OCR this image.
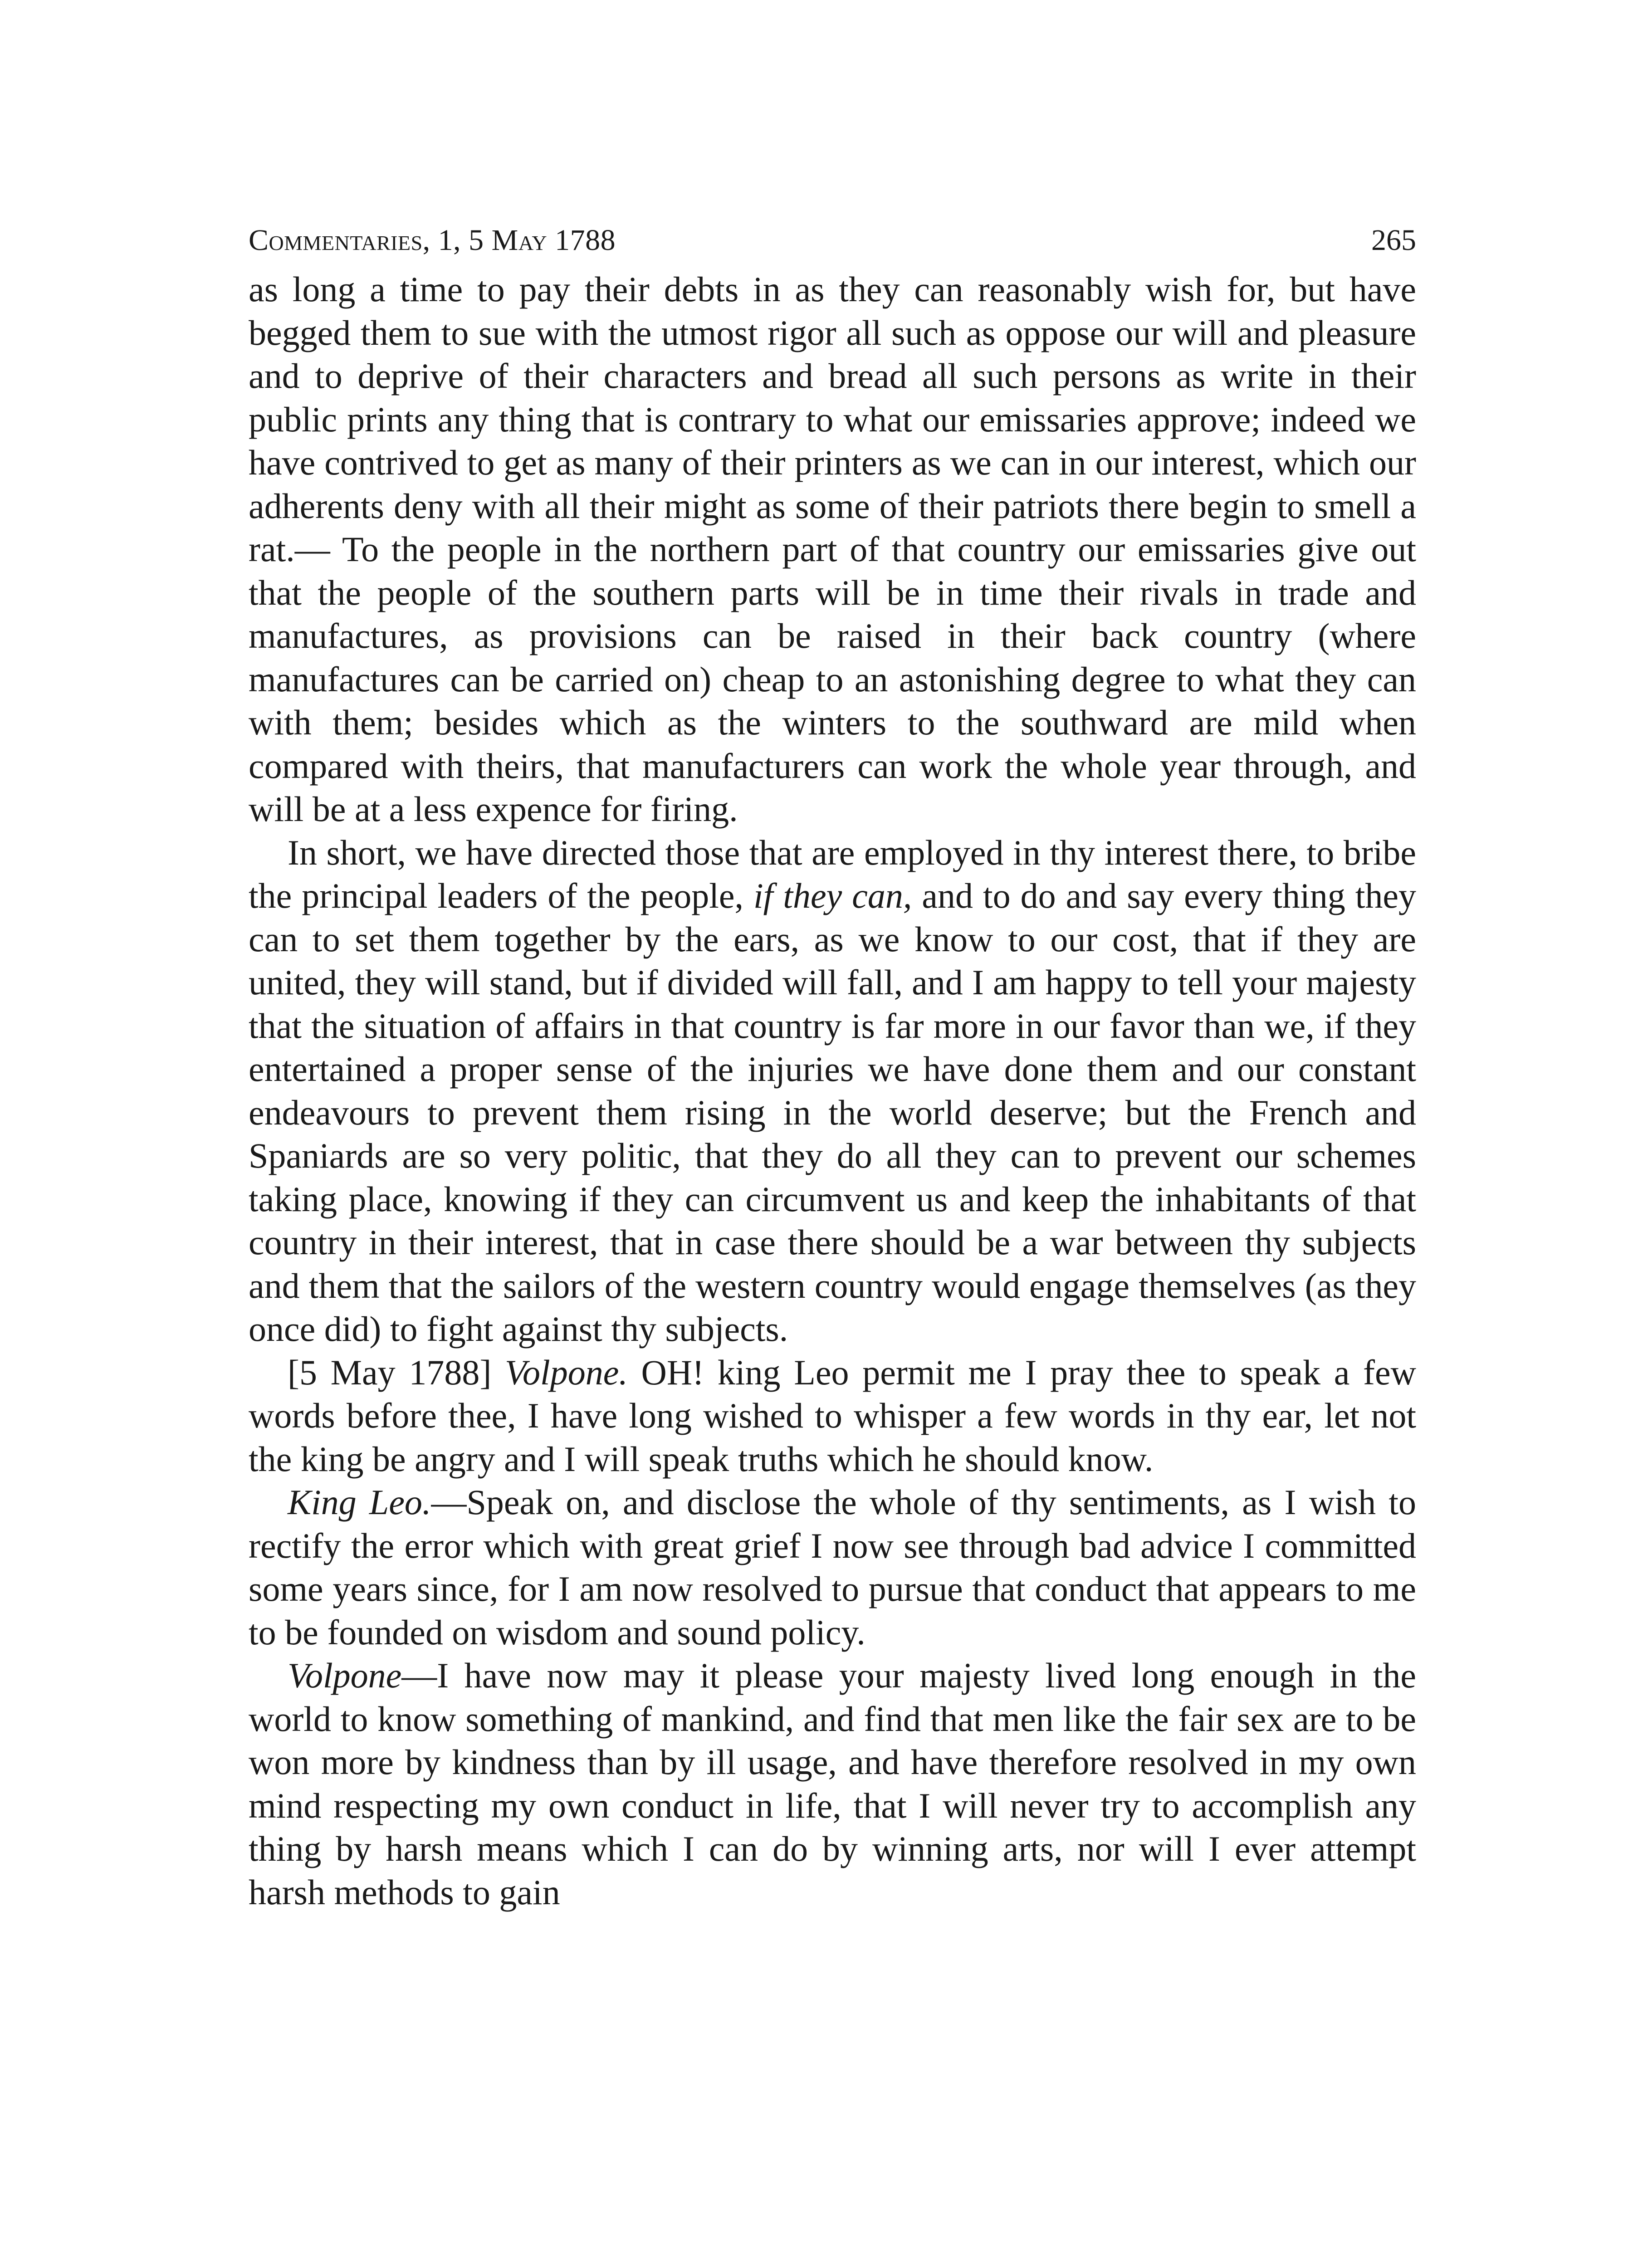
Commentaries, 1, 5 May 1788	265

as long a time to pay their debts in as they can reasonably wish for, but have begged them to sue with the utmost rigor all such as oppose our will and pleasure and to deprive of their characters and bread all such persons as write in their public prints any thing that is contrary to what our emissaries approve; indeed we have contrived to get as many of their printers as we can in our interest, which our adherents deny with all their might as some of their patriots there begin to smell a rat.— To the people in the northern part of that country our emissaries give out that the people of the southern parts will be in time their rivals in trade and manufactures, as provisions can be raised in their back country (where manufactures can be carried on) cheap to an astonishing degree to what they can with them; besides which as the winters to the southward are mild when compared with theirs, that manufacturers can work the whole year through, and will be at a less expence for firing.

In short, we have directed those that are employed in thy interest there, to bribe the principal leaders of the people, if they can, and to do and say every thing they can to set them together by the ears, as we know to our cost, that if they are united, they will stand, but if divided will fall, and I am happy to tell your majesty that the situation of affairs in that country is far more in our favor than we, if they entertained a proper sense of the injuries we have done them and our constant endeavours to prevent them rising in the world deserve; but the French and Spaniards are so very politic, that they do all they can to prevent our schemes taking place, knowing if they can circumvent us and keep the inhabitants of that country in their interest, that in case there should be a war between thy subjects and them that the sailors of the western country would engage themselves (as they once did) to fight against thy subjects.

[5 May 1788] Volpone. OH! king Leo permit me I pray thee to speak a few words before thee, I have long wished to whisper a few words in thy ear, let not the king be angry and I will speak truths which he should know.

King Leo.—Speak on, and disclose the whole of thy sentiments, as I wish to rectify the error which with great grief I now see through bad advice I committed some years since, for I am now resolved to pursue that conduct that appears to me to be founded on wisdom and sound policy.

Volpone—I have now may it please your majesty lived long enough in the world to know something of mankind, and find that men like the fair sex are to be won more by kindness than by ill usage, and have therefore resolved in my own mind respecting my own conduct in life, that I will never try to accomplish any thing by harsh means which I can do by winning arts, nor will I ever attempt harsh methods to gain
